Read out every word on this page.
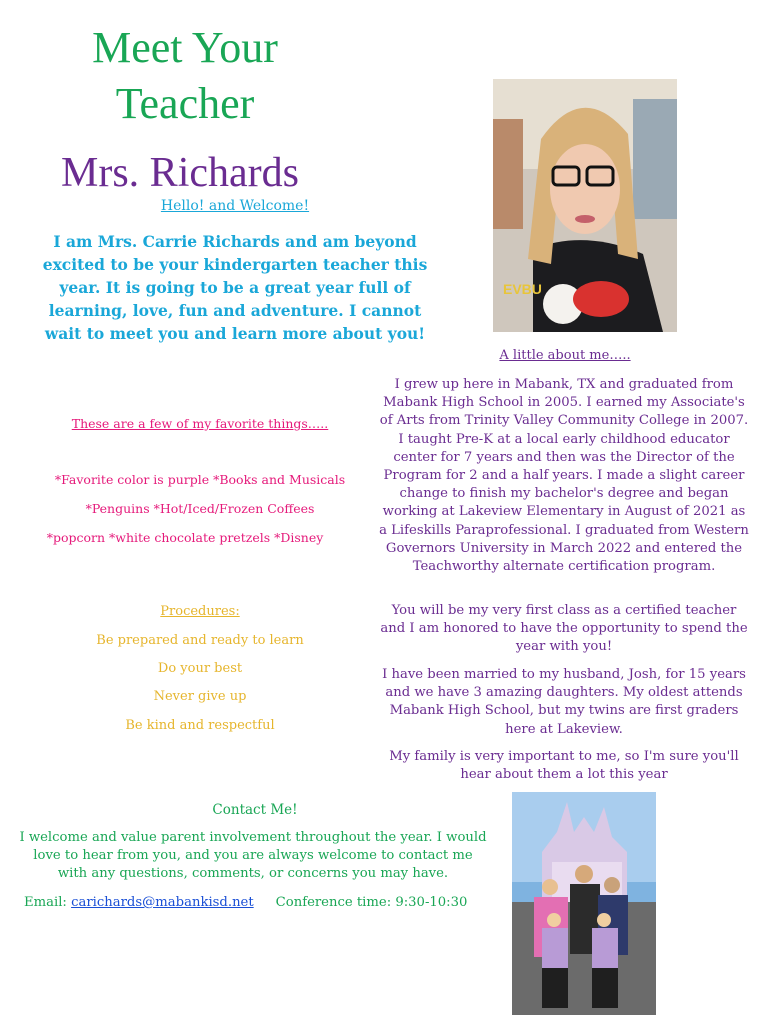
Meet Your
Teacher
Mrs. Richards
Hello! and Welcome!
I am Mrs. Carrie Richards and am beyond excited to be your kindergarten teacher this year. It is going to be a great year full of learning, love, fun and adventure. I cannot wait to meet you and learn more about you!
These are a few of my favorite things…..
*Favorite color is purple *Books and Musicals
*Penguins *Hot/Iced/Frozen Coffees
*popcorn *white chocolate pretzels *Disney
Procedures:
Be prepared and ready to learn
Do your best
Never give up
Be kind and respectful
EVBU
A little about me…..
I grew up here in Mabank, TX and graduated from Mabank High School in 2005. I earned my Associate's of Arts from Trinity Valley Community College in 2007. I taught Pre-K at a local early childhood educator center for 7 years and then was the Director of the Program for 2 and a half years. I made a slight career change to finish my bachelor's degree and began working at Lakeview Elementary in August of 2021 as a Lifeskills Paraprofessional. I graduated from Western Governors University in March 2022 and entered the Teachworthy alternate certification program.
You will be my very first class as a certified teacher and I am honored to have the opportunity to spend the year with you!
I have been married to my husband, Josh, for 15 years and we have 3 amazing daughters. My oldest attends Mabank High School, but my twins are first graders here at Lakeview.
My family is very important to me, so I'm sure you'll hear about them a lot this year
Contact Me!
I welcome and value parent involvement throughout the year. I would love to hear from you, and you are always welcome to contact me with any questions, comments, or concerns you may have.
Email: carichards@mabankisd.net Conference time: 9:30-10:30
